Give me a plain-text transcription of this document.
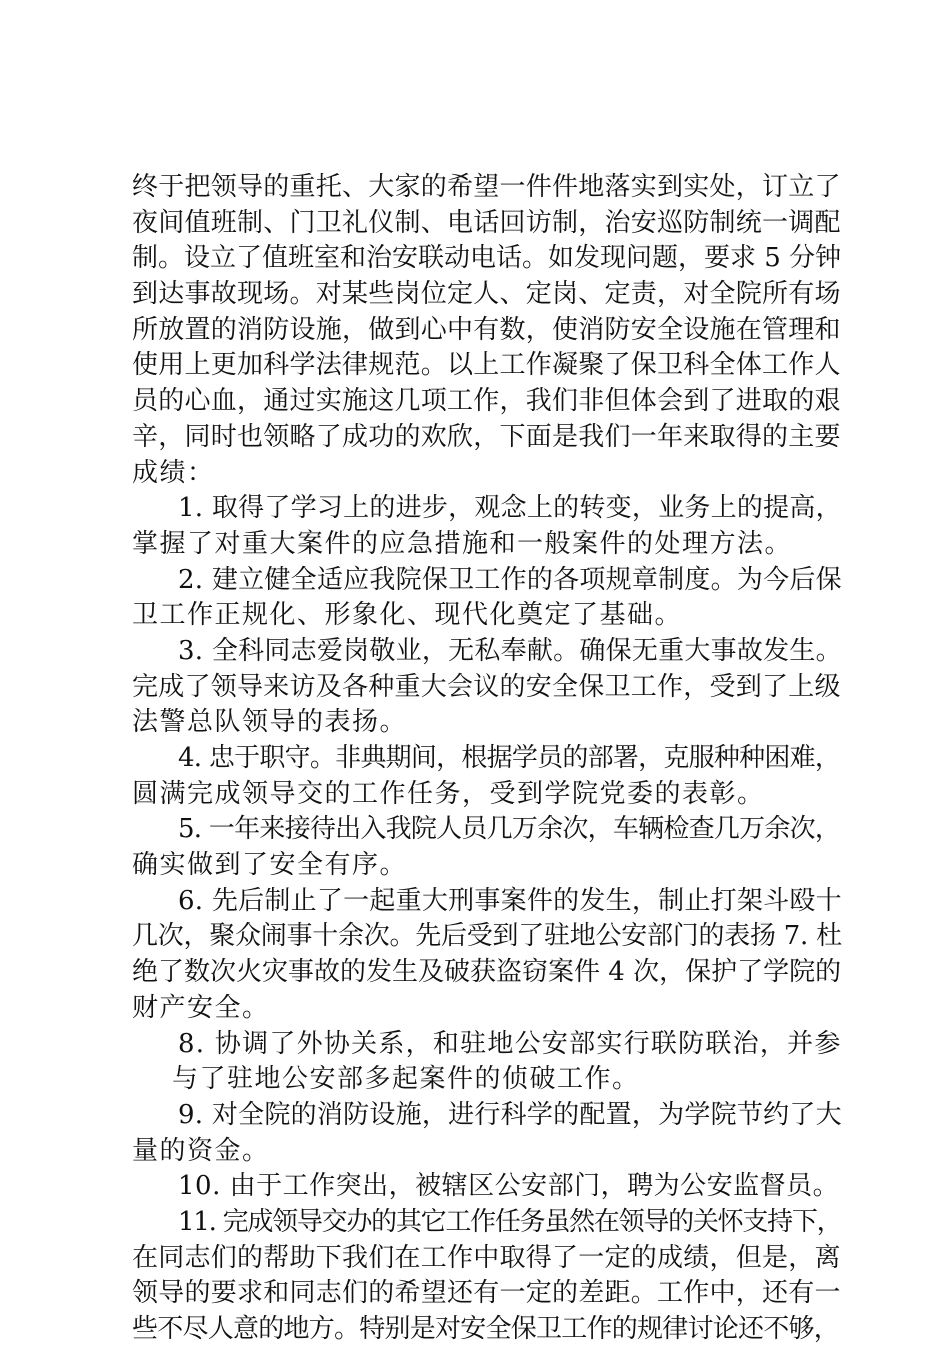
终于把领导的重托、大家的希望一件件地落实到实处，订立了
夜间值班制、门卫礼仪制、电话回访制，治安巡防制统一调配
制。设立了值班室和治安联动电话。如发现问题，要求 5 分钟
到达事故现场。对某些岗位定人、定岗、定责，对全院所有场
所放置的消防设施，做到心中有数，使消防安全设施在管理和
使用上更加科学法律规范。以上工作凝聚了保卫科全体工作人
员的心血，通过实施这几项工作，我们非但体会到了进取的艰
辛，同时也领略了成功的欢欣，下面是我们一年来取得的主要
成绩：
1. 取得了学习上的进步，观念上的转变，业务上的提高，
掌握了对重大案件的应急措施和一般案件的处理方法。
2. 建立健全适应我院保卫工作的各项规章制度。为今后保
卫工作正规化、形象化、现代化奠定了基础。
3. 全科同志爱岗敬业，无私奉献。确保无重大事故发生。
完成了领导来访及各种重大会议的安全保卫工作，受到了上级
法警总队领导的表扬。
4. 忠于职守。非典期间，根据学员的部署，克服种种困难，
圆满完成领导交的工作任务，受到学院党委的表彰。
5. 一年来接待出入我院人员几万余次，车辆检查几万余次，
确实做到了安全有序。
6. 先后制止了一起重大刑事案件的发生，制止打架斗殴十
几次，聚众闹事十余次。先后受到了驻地公安部门的表扬 7. 杜
绝了数次火灾事故的发生及破获盗窃案件 4 次，保护了学院的
财产安全。
8. 协调了外协关系，和驻地公安部实行联防联治，并参
与了驻地公安部多起案件的侦破工作。
9. 对全院的消防设施，进行科学的配置，为学院节约了大
量的资金。
10. 由于工作突出，被辖区公安部门，聘为公安监督员。
11. 完成领导交办的其它工作任务虽然在领导的关怀支持下，
在同志们的帮助下我们在工作中取得了一定的成绩，但是，离
领导的要求和同志们的希望还有一定的差距。工作中，还有一
些不尽人意的地方。特别是对安全保卫工作的规律讨论还不够，
